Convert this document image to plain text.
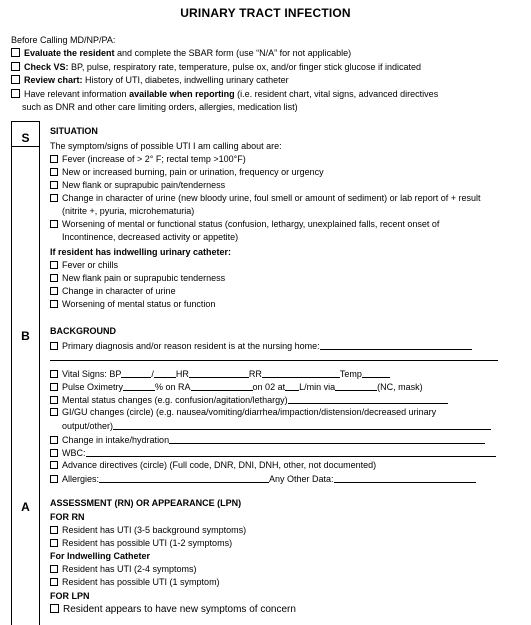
URINARY TRACT INFECTION
Before Calling MD/NP/PA:
Evaluate the resident and complete the SBAR form (use “N/A” for not applicable)
Check VS: BP, pulse, respiratory rate, temperature, pulse ox, and/or finger stick glucose if indicated
Review chart: History of UTI, diabetes, indwelling urinary catheter
Have relevant information available when reporting (i.e. resident chart, vital signs, advanced directives
such as DNR and other care limiting orders, allergies, medication list)
S
B
A
SITUATION
The symptom/signs of possible UTI I am calling about are:
Fever (increase of > 2° F; rectal temp >100°F)
New or increased burning, pain or urination, frequency or urgency
New flank or suprapubic pain/tenderness
Change in character of urine (new bloody urine, foul smell or amount of sediment) or lab report of + result
(nitrite +, pyuria, microhematuria)
Worsening of mental or functional status (confusion, lethargy, unexplained falls, recent onset of
Incontinence, decreased activity or appetite)
If resident has indwelling urinary catheter:
Fever or chills
New flank pain or suprapubic tenderness
Change in character of urine
Worsening of mental status or function
BACKGROUND
Primary diagnosis and/or reason resident is at the nursing home:
Vital Signs: BP	/ HR	RR	Temp
Pulse Oximetry	% on RA	on 02 at L/min via	(NC, mask)
Mental status changes (e.g. confusion/agitation/lethargy)
GI/GU changes (circle) (e.g. nausea/vomiting/diarrhea/impaction/distension/decreased urinary
output/other)
Change in intake/hydration
WBC:
Advance directives (circle) (Full code, DNR, DNI, DNH, other, not documented)
Allergies:	Any Other Data:
ASSESSMENT (RN) OR APPEARANCE (LPN)
FOR RN
Resident has UTI (3-5 background symptoms)
Resident has possible UTI (1-2 symptoms)
For Indwelling Catheter
Resident has UTI (2-4 symptoms)
Resident has possible UTI (1 symptom)
FOR LPN
Resident appears to have new symptoms of concern
